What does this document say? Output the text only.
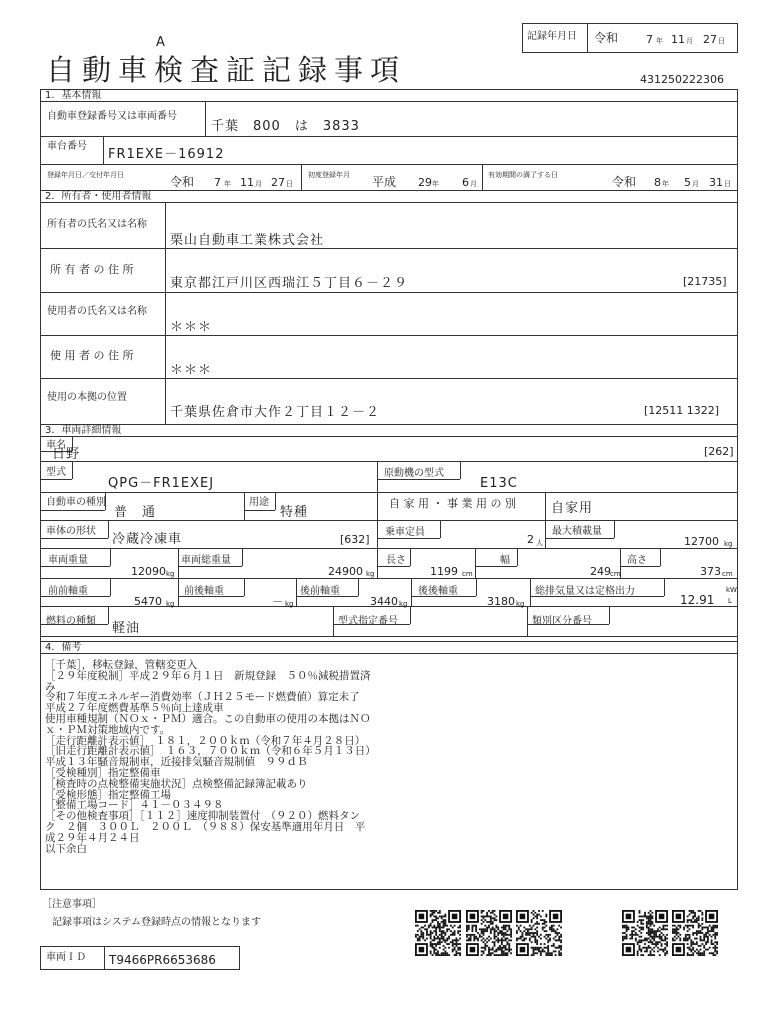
A	記録年月日 令和	7 年 11 月 27 日
自動車検査証記録事項	431250222306
1．基本情報
自動車登録番号又は車両番号
千葉　800　は　3833
車台番号
FR1EXE－16912
登録年月日／交付年月日	令和 7 年 11 月 27 日
初度登録年月 平成 29 年 6 月
有効期間の満了する日	令和 8 年 5 月 31 日
2．所有者・使用者情報
所有者の氏名又は名称
栗山自動車工業株式会社
所 有 者 の 住 所
東京都江戸川区西瑞江５丁目６－２９	[21735]
使用者の氏名又は名称
＊＊＊
使 用 者 の 住 所
＊＊＊
使用の本拠の位置
千葉県佐倉市大作２丁目１２－２	[12511 1322]
3．車両詳細情報
車名
日野	[262]
型式
QPG－FR1EXEJ
原動機の型式
E13C
自動車の種別
普　通
用途
特種
自 家 用 ・ 事 業 用 の 別	自家用
車体の形状
冷蔵冷凍車	[632]
乗車定員
2 人
最大積載量
12700 kg
車両重量
12090 kg
車両総重量
24900 kg
長さ
1199 cm
幅
249 cm
高さ
373 cm
前前軸重
5470 kg
前後軸重
－ kg
後前軸重
3440 kg
後後軸重
3180 kg
総排気量又は定格出力
12.91
kW
L
燃料の種類 軽油	型式指定番号	類別区分番号
4．備考
［千葉］，移転登録，管轄変更入
［２９年度税制］平成２９年６月１日　新規登録　５０％減税措置済
み
令和７年度エネルギー消費効率（ＪＨ２５モード燃費値）算定未了
平成２７年度燃費基準５％向上達成車
使用車種規制（ＮＯｘ・ＰＭ）適合。この自動車の使用の本拠はＮＯ
ｘ・ＰＭ対策地域内です。
［走行距離計表示値］　１８１，２００ｋｍ（令和７年４月２８日）
［旧走行距離計表示値］　１６３，７００ｋｍ（令和６年５月１３日）
平成１３年騒音規制車，近接排気騒音規制値　９９ｄＢ
［受検種別］指定整備車
［検査時の点検整備実施状況］点検整備記録簿記載あり
［受検形態］指定整備工場
［整備工場コード］４１－０３４９８
［その他検査事項］［１１２］速度抑制装置付　（９２０）燃料タン
ク　２個　３００Ｌ　２００Ｌ　（９８８）保安基準適用年月日　平
成２９年４月２４日
以下余白
［注意事項］
記録事項はシステム登録時点の情報となります
車両ＩＤ T9466PR6653686
